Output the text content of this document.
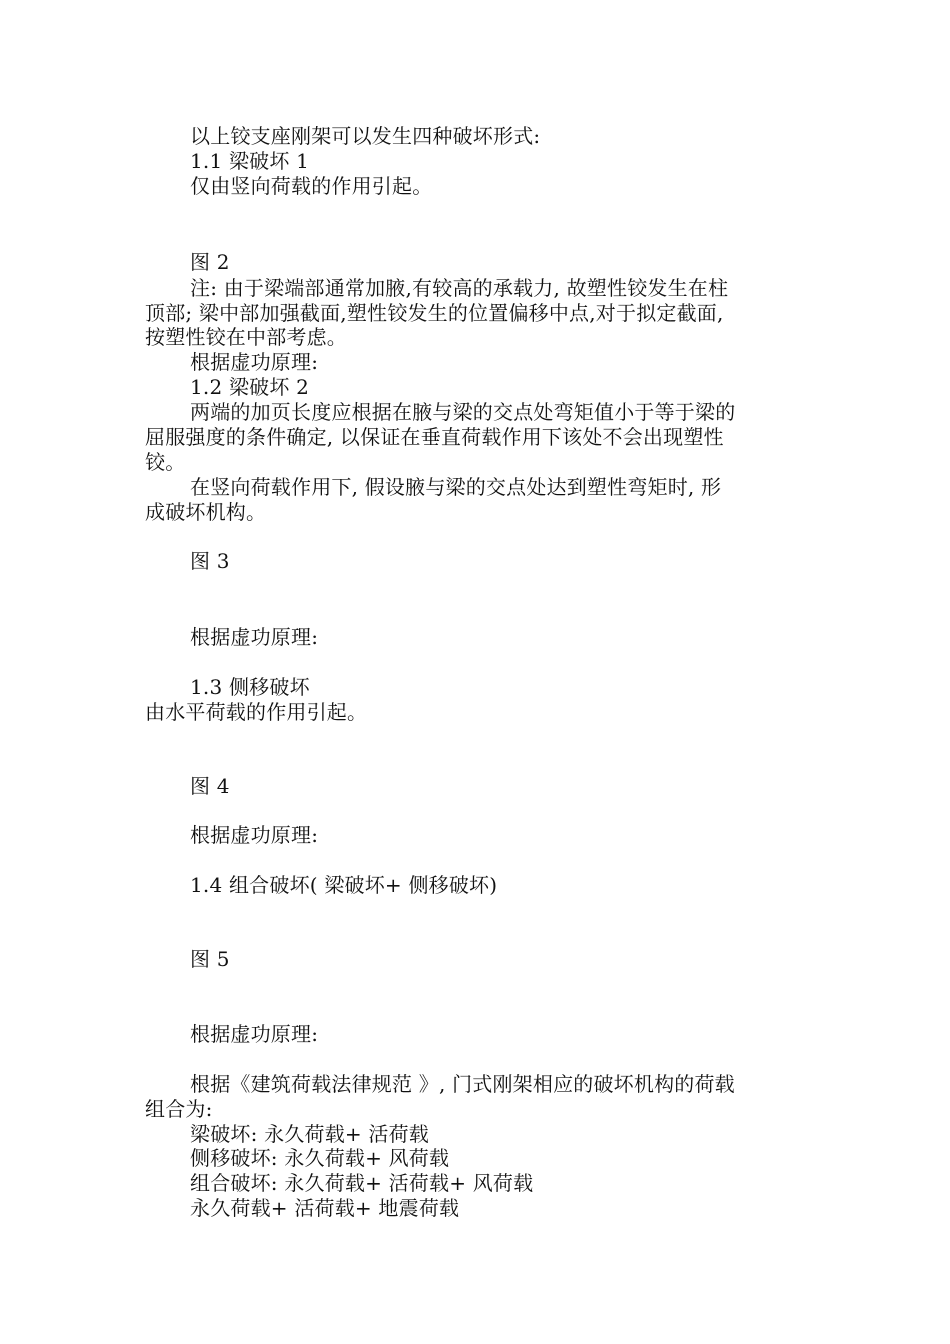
以上铰支座刚架可以发生四种破坏形式:
1.1 梁破坏 1
仅由竖向荷载的作用引起。
图 2
注: 由于梁端部通常加腋,有较高的承载力, 故塑性铰发生在柱
顶部; 梁中部加强截面,塑性铰发生的位置偏移中点,对于拟定截面,
按塑性铰在中部考虑。
根据虚功原理:
1.2 梁破坏 2
两端的加页长度应根据在腋与梁的交点处弯矩值小于等于梁的
屈服强度的条件确定, 以保证在垂直荷载作用下该处不会出现塑性
铰。
在竖向荷载作用下, 假设腋与梁的交点处达到塑性弯矩时, 形
成破坏机构。
图 3
根据虚功原理:
1.3 侧移破坏
由水平荷载的作用引起。
图 4
根据虚功原理:
1.4 组合破坏( 梁破坏+ 侧移破坏)
图 5
根据虚功原理:
根据《建筑荷载法律规范 》, 门式刚架相应的破坏机构的荷载
组合为:
梁破坏: 永久荷载+ 活荷载
侧移破坏: 永久荷载+ 风荷载
组合破坏: 永久荷载+ 活荷载+ 风荷载
永久荷载+ 活荷载+ 地震荷载
